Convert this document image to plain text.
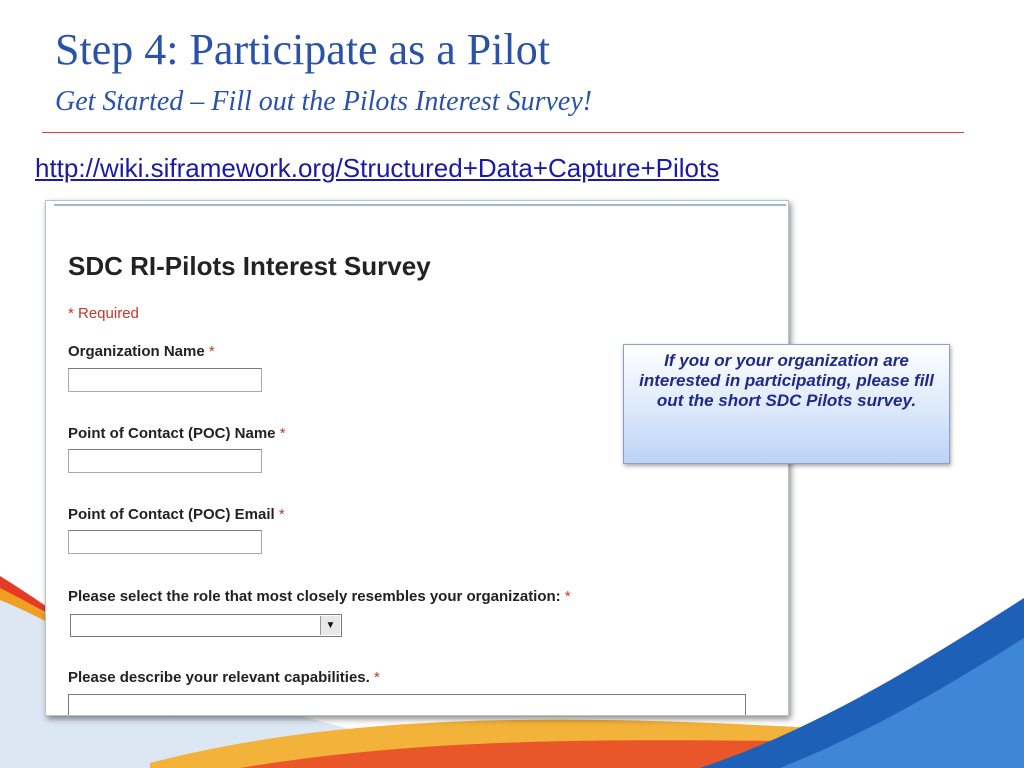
Step 4: Participate as a Pilot
Get Started – Fill out the Pilots Interest Survey!
http://wiki.siframework.org/Structured+Data+Capture+Pilots
SDC RI-Pilots Interest Survey
* Required
Organization Name *
Point of Contact (POC) Name *
Point of Contact (POC) Email *
Please select the role that most closely resembles your organization: *
▼
Please describe your relevant capabilities. *
If you or your organization are interested in participating, please fill out the short SDC Pilots survey.
